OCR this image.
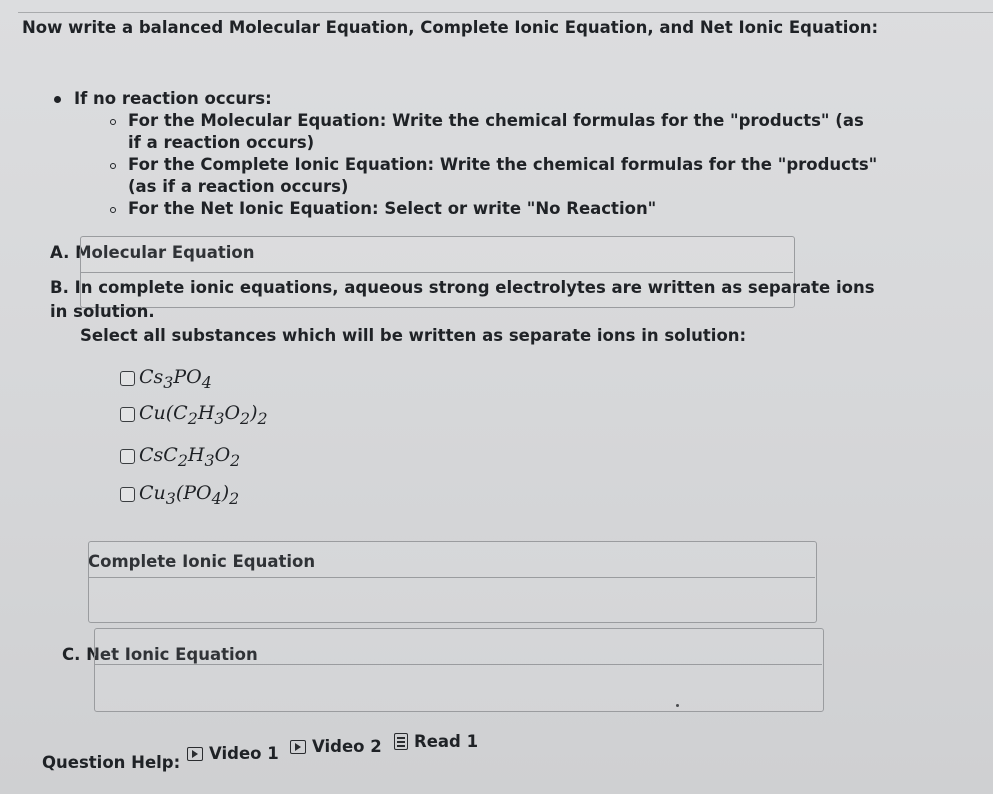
Now write a balanced Molecular Equation, Complete Ionic Equation, and Net Ionic Equation:
If no reaction occurs:
For the Molecular Equation: Write the chemical formulas for the "products" (as if a reaction occurs)
For the Complete Ionic Equation: Write the chemical formulas for the "products" (as if a reaction occurs)
For the Net Ionic Equation: Select or write "No Reaction"
A. Molecular Equation
B. In complete ionic equations, aqueous strong electrolytes are written as separate ions in solution.
Select all substances which will be written as separate ions in solution:
$Cs_3PO_4$
$Cu(C_2H_3O_2)_2$
$CsC_2H_3O_2$
$Cu_3(PO_4)_2$
Complete Ionic Equation
C. Net Ionic Equation
Question Help: Video 1 Video 2 Read 1
